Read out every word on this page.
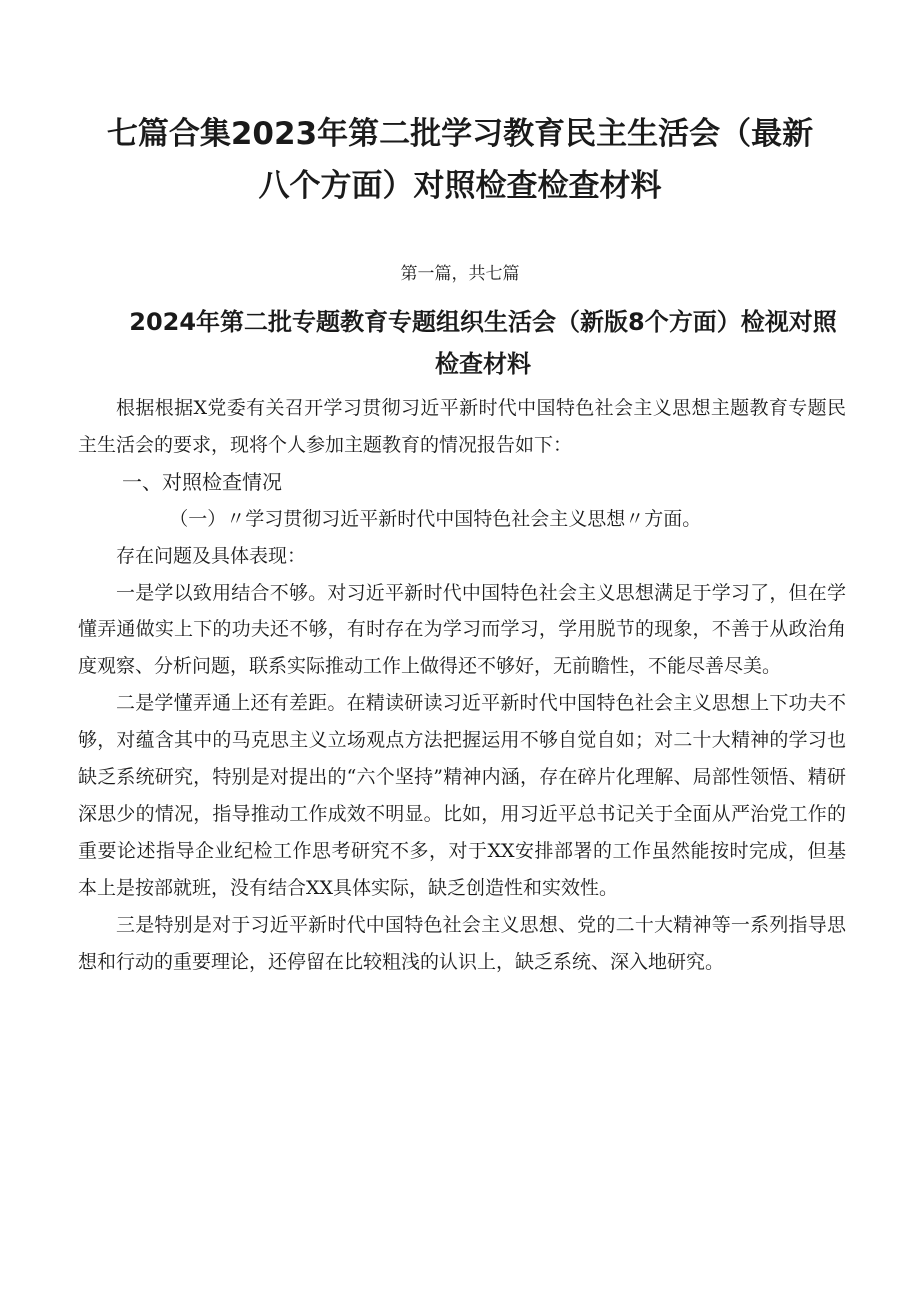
七篇合集2023年第二批学习教育民主生活会（最新八个方面）对照检查检查材料

第一篇，共七篇

2024年第二批专题教育专题组织生活会（新版8个方面）检视对照检查材料

根据根据X党委有关召开学习贯彻习近平新时代中国特色社会主义思想主题教育专题民主生活会的要求，现将个人参加主题教育的情况报告如下：

一、对照检查情况

（一）〃学习贯彻习近平新时代中国特色社会主义思想〃方面。

存在问题及具体表现：

一是学以致用结合不够。对习近平新时代中国特色社会主义思想满足于学习了，但在学懂弄通做实上下的功夫还不够，有时存在为学习而学习，学用脱节的现象，不善于从政治角度观察、分析问题，联系实际推动工作上做得还不够好，无前瞻性，不能尽善尽美。

二是学懂弄通上还有差距。在精读研读习近平新时代中国特色社会主义思想上下功夫不够，对蕴含其中的马克思主义立场观点方法把握运用不够自觉自如；对二十大精神的学习也缺乏系统研究，特别是对提出的“六个坚持”精神内涵，存在碎片化理解、局部性领悟、精研深思少的情况，指导推动工作成效不明显。比如，用习近平总书记关于全面从严治党工作的重要论述指导企业纪检工作思考研究不多，对于XX安排部署的工作虽然能按时完成，但基本上是按部就班，没有结合XX具体实际，缺乏创造性和实效性。

三是特别是对于习近平新时代中国特色社会主义思想、党的二十大精神等一系列指导思想和行动的重要理论，还停留在比较粗浅的认识上，缺乏系统、深入地研究。
